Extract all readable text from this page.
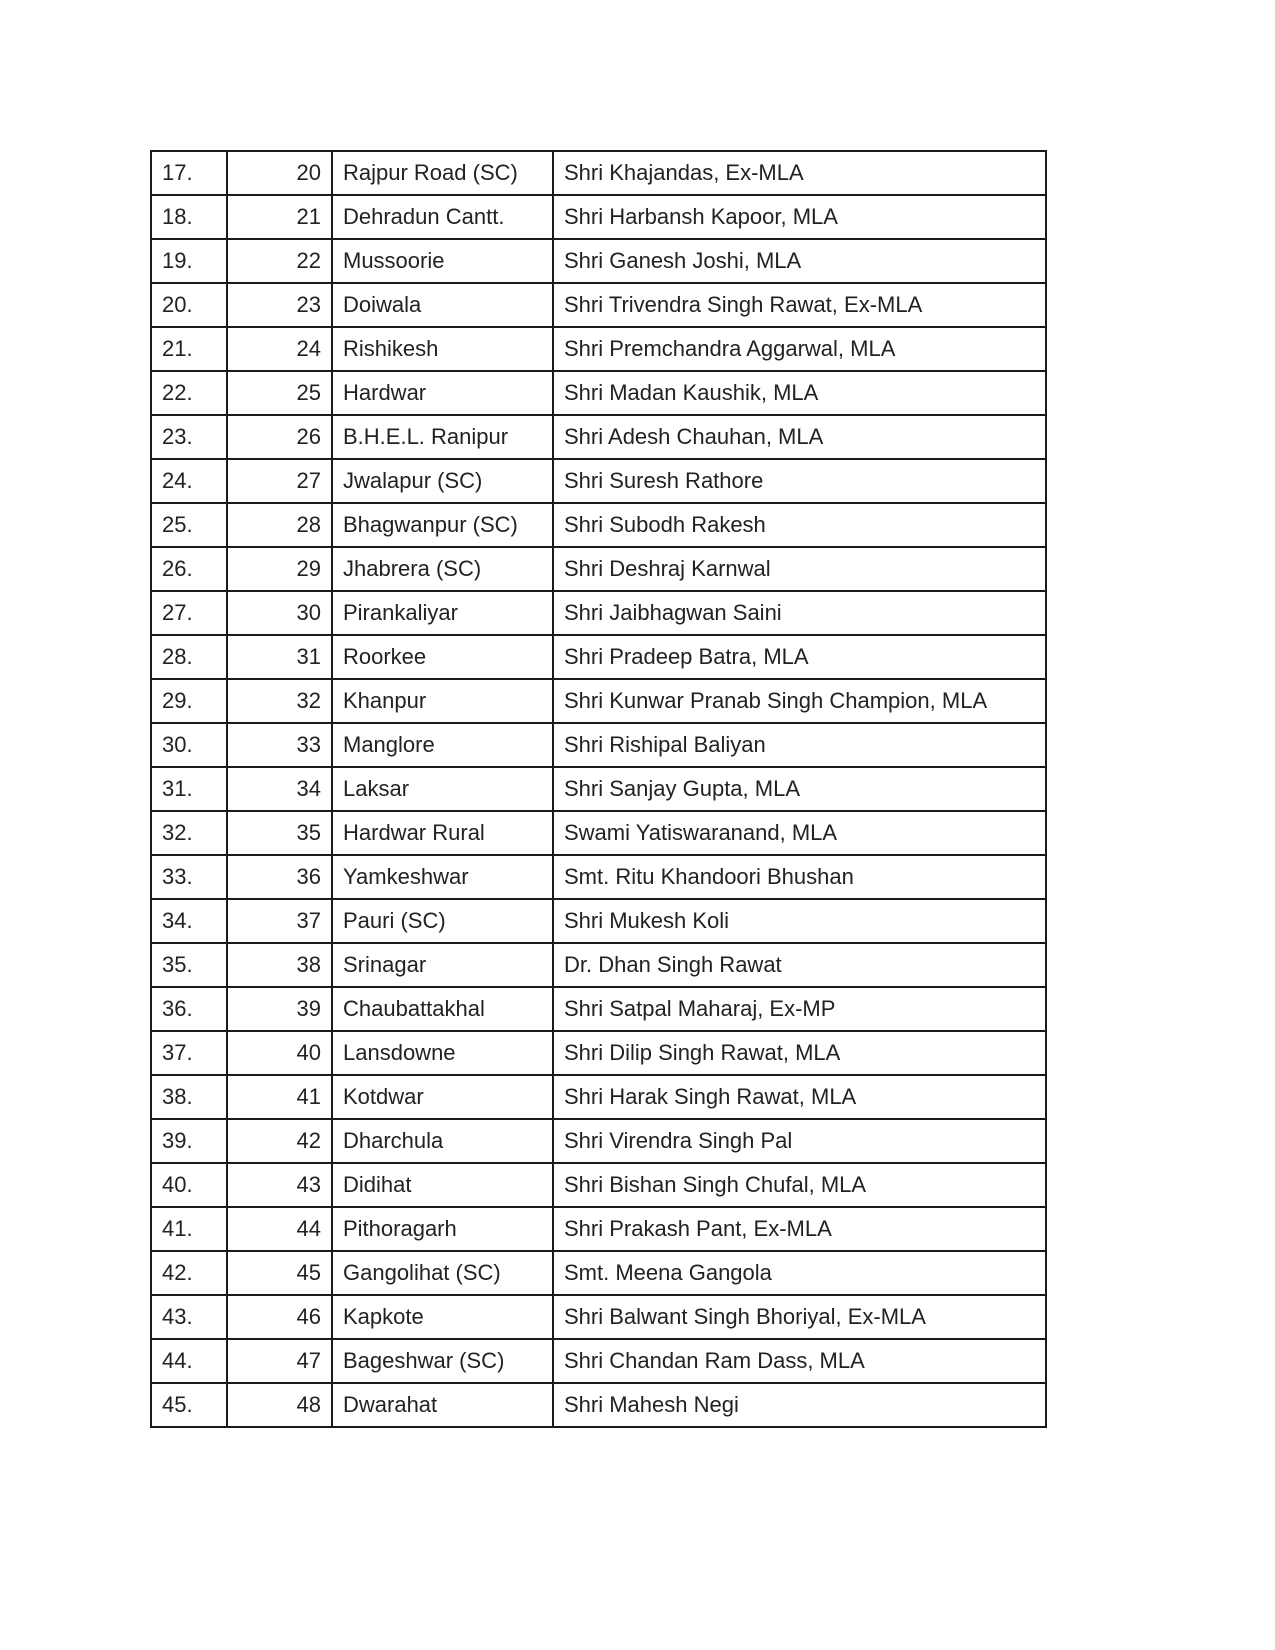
17.	20	Rajpur Road (SC)	Shri Khajandas, Ex-MLA
18.	21	Dehradun Cantt.	Shri Harbansh Kapoor, MLA
19.	22	Mussoorie	Shri Ganesh Joshi, MLA
20.	23	Doiwala	Shri Trivendra Singh Rawat, Ex-MLA
21.	24	Rishikesh	Shri Premchandra Aggarwal, MLA
22.	25	Hardwar	Shri Madan Kaushik, MLA
23.	26	B.H.E.L. Ranipur	Shri Adesh Chauhan, MLA
24.	27	Jwalapur (SC)	Shri Suresh Rathore
25.	28	Bhagwanpur (SC)	Shri Subodh Rakesh
26.	29	Jhabrera (SC)	Shri Deshraj Karnwal
27.	30	Pirankaliyar	Shri Jaibhagwan Saini
28.	31	Roorkee	Shri Pradeep Batra, MLA
29.	32	Khanpur	Shri Kunwar Pranab Singh Champion, MLA
30.	33	Manglore	Shri Rishipal Baliyan
31.	34	Laksar	Shri Sanjay Gupta, MLA
32.	35	Hardwar Rural	Swami Yatiswaranand, MLA
33.	36	Yamkeshwar	Smt. Ritu Khandoori Bhushan
34.	37	Pauri (SC)	Shri Mukesh Koli
35.	38	Srinagar	Dr. Dhan Singh Rawat
36.	39	Chaubattakhal	Shri Satpal Maharaj, Ex-MP
37.	40	Lansdowne	Shri Dilip Singh Rawat, MLA
38.	41	Kotdwar	Shri Harak Singh Rawat, MLA
39.	42	Dharchula	Shri Virendra Singh Pal
40.	43	Didihat	Shri Bishan Singh Chufal, MLA
41.	44	Pithoragarh	Shri Prakash Pant, Ex-MLA
42.	45	Gangolihat (SC)	Smt. Meena Gangola
43.	46	Kapkote	Shri Balwant Singh Bhoriyal, Ex-MLA
44.	47	Bageshwar (SC)	Shri Chandan Ram Dass, MLA
45.	48	Dwarahat	Shri Mahesh Negi
